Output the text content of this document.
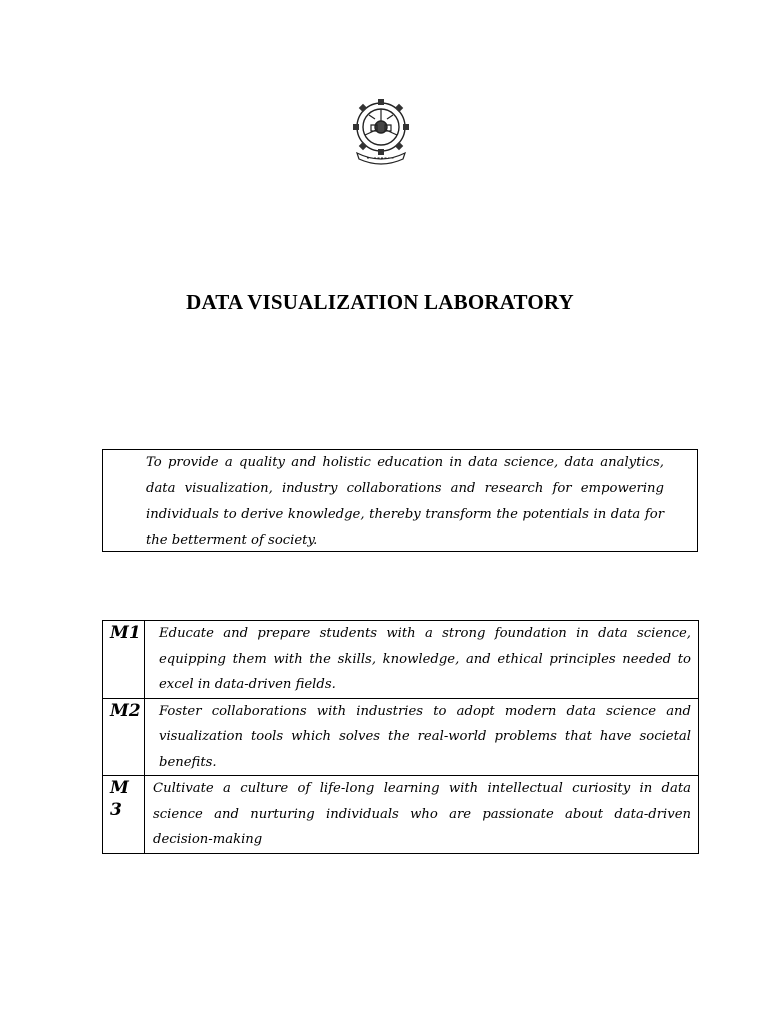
DATA VISUALIZATION LABORATORY

To provide a quality and holistic education in data science, data analytics, data visualization, industry collaborations and research for empowering individuals to derive knowledge, thereby transform the potentials in data for the betterment of society.

M1	Educate and prepare students with a strong foundation in data science, equipping them with the skills, knowledge, and ethical principles needed to excel in data-driven fields.
M2	Foster collaborations with industries to adopt modern data science and visualization tools which solves the real-world problems that have societal benefits.

M
3	Cultivate a culture of life-long learning with intellectual curiosity in data science and nurturing individuals who are passionate about data-driven decision-making
